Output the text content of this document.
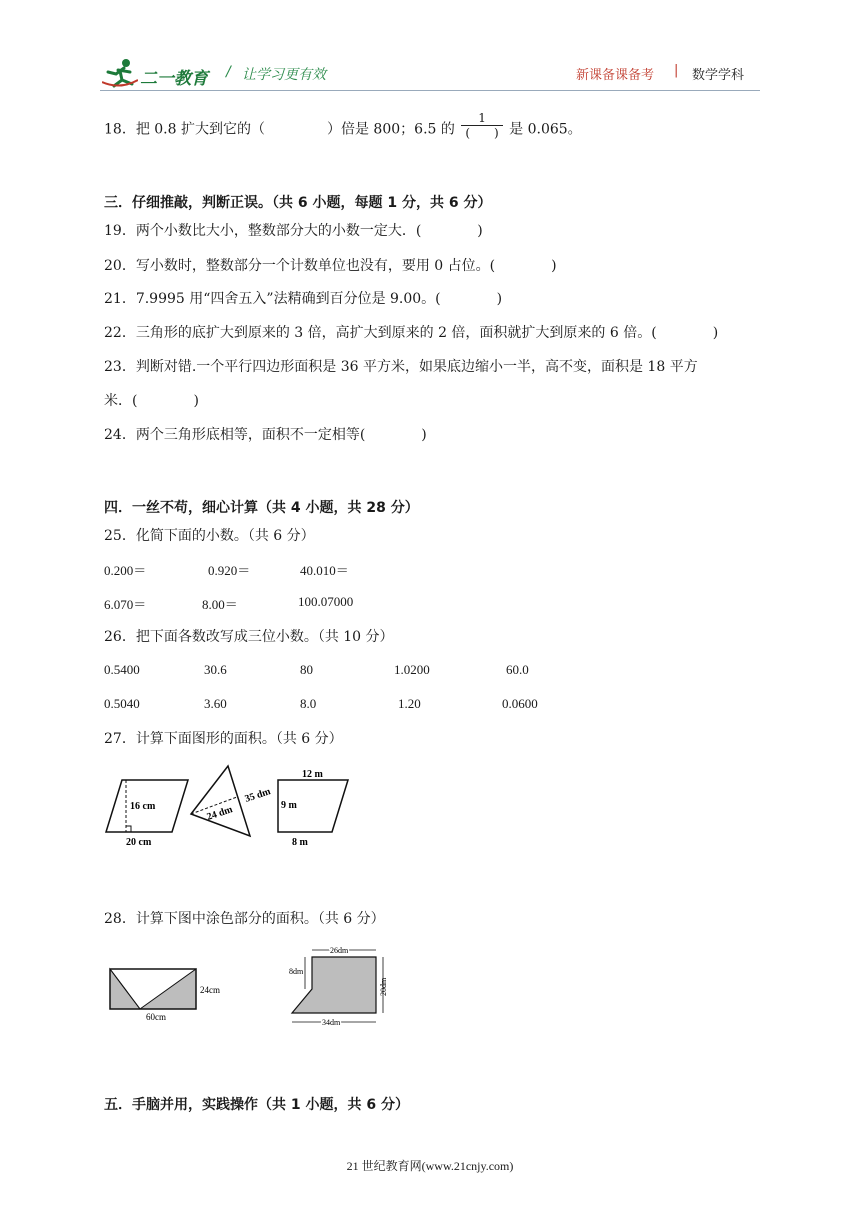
二一教育 / 让学习更有效	新课备课备考 | 数学学科
18．把 0.8 扩大到它的（	）倍是 800；6.5 的
1
(　　) 是 0.065。
三．仔细推敲，判断正误。（共 6 小题，每题 1 分，共 6 分）
19．两个小数比大小，整数部分大的小数一定大．(　　　　)
20．写小数时，整数部分一个计数单位也没有，要用 0 占位。(　　　　)
21．7.9995 用“四舍五入”法精确到百分位是 9.00。(　　　　)
22．三角形的底扩大到原来的 3 倍，高扩大到原来的 2 倍，面积就扩大到原来的 6 倍。(　　　　)
23．判断对错.一个平行四边形面积是 36 平方米，如果底边缩小一半，高不变，面积是 18 平方
米．(　　　　)
24．两个三角形底相等，面积不一定相等(　　　　)
四．一丝不苟，细心计算（共 4 小题，共 28 分）
25．化简下面的小数。（共 6 分）
0.200＝	0.920＝	40.010＝
6.070＝	8.00＝	100.07000
26．把下面各数改写成三位小数。（共 10 分）
0.5400	30.6	80	1.0200	60.0
0.5040	3.60	8.0	1.20	0.0600
27．计算下面图形的面积。（共 6 分）
16 cm
20 cm
35 dm
24 dm
12 m
9 m
8 m
28．计算下图中涂色部分的面积。（共 6 分）
24cm
60cm
26dm
8dm
20dm
34dm
五．手脑并用，实践操作（共 1 小题，共 6 分）
21 世纪教育网(www.21cnjy.com)
